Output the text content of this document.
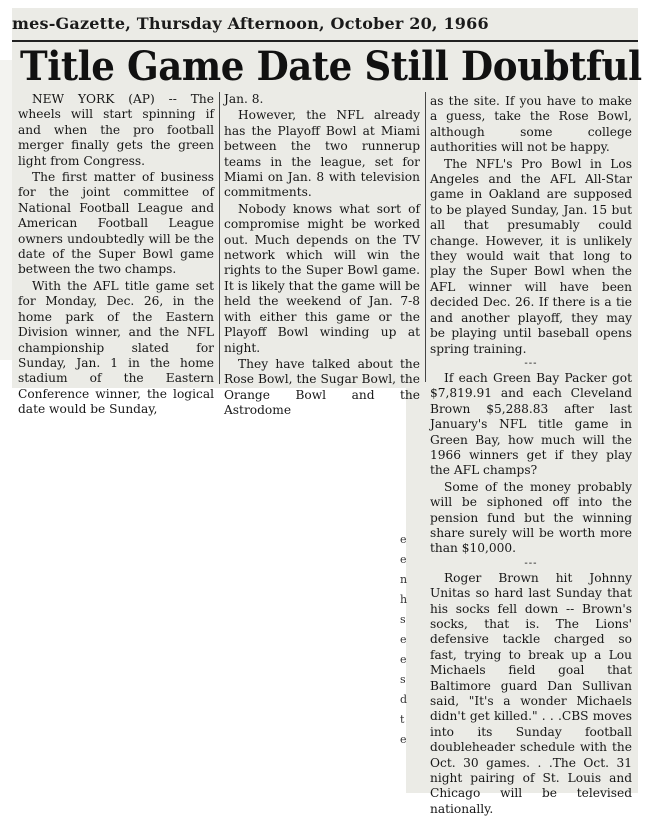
mes-Gazette, Thursday Afternoon, October 20, 1966
Title Game Date Still Doubtful

NEW YORK (AP) -- The wheels will start spinning if and when the pro football merger finally gets the green light from Congress.

The first matter of business for the joint committee of National Football League and American Football League owners undoubtedly will be the date of the Super Bowl game between the two champs.

With the AFL title game set for Monday, Dec. 26, in the home park of the Eastern Division winner, and the NFL championship slated for Sunday, Jan. 1 in the home stadium of the Eastern Conference winner, the logical date would be Sunday,

Jan. 8.

However, the NFL already has the Playoff Bowl at Miami between the two runnerup teams in the league, set for Miami on Jan. 8 with television commitments.

Nobody knows what sort of compromise might be worked out. Much depends on the TV network which will win the rights to the Super Bowl game. It is likely that the game will be held the weekend of Jan. 7-8 with either this game or the Playoff Bowl winding up at night.

They have talked about the Rose Bowl, the Sugar Bowl, the Orange Bowl and the Astrodome

as the site. If you have to make a guess, take the Rose Bowl, although some college authorities will not be happy.

The NFL's Pro Bowl in Los Angeles and the AFL All-Star game in Oakland are supposed to be played Sunday, Jan. 15 but all that presumably could change. However, it is unlikely they would wait that long to play the Super Bowl when the AFL winner will have been decided Dec. 26. If there is a tie and another playoff, they may be playing until baseball opens spring training.

---

If each Green Bay Packer got $7,819.91 and each Cleveland Brown $5,288.83 after last January's NFL title game in Green Bay, how much will the 1966 winners get if they play the AFL champs?

Some of the money probably will be siphoned off into the pension fund but the winning share surely will be worth more than $10,000.

---

Roger Brown hit Johnny Unitas so hard last Sunday that his socks fell down -- Brown's socks, that is. The Lions' defensive tackle charged so fast, trying to break up a Lou Michaels field goal that Baltimore guard Dan Sullivan said, "It's a wonder Michaels didn't get killed." . . .CBS moves into its Sunday football doubleheader schedule with the Oct. 30 games. . .The Oct. 31 night pairing of St. Louis and Chicago will be televised nationally.

e
e
n
h
s
e
e
s
d
t
e
